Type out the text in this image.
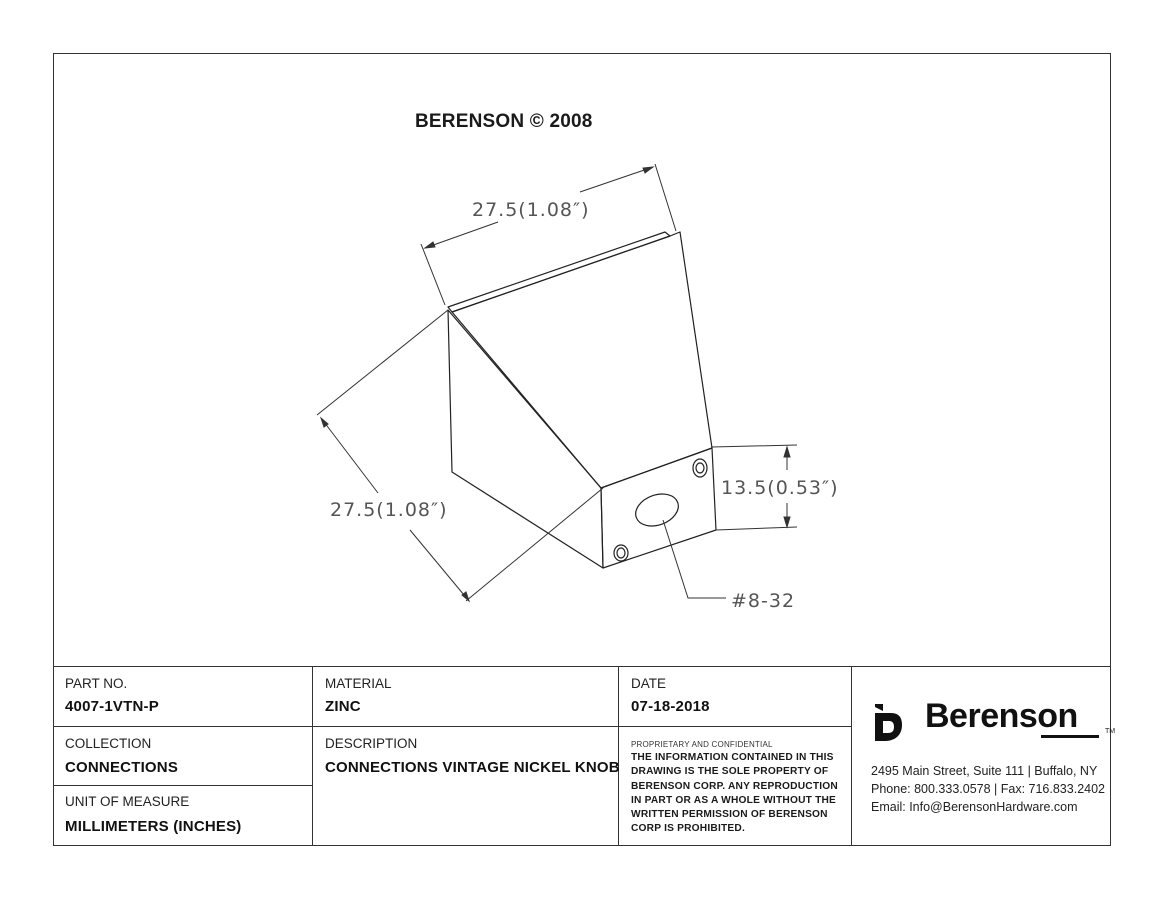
BERENSON © 2008
27.5(1.08″)
27.5(1.08″)
13.5(0.53″)
#8-32
PART NO.
4007-1VTN-P
MATERIAL
ZINC
DATE
07-18-2018
COLLECTION
CONNECTIONS
DESCRIPTION
CONNECTIONS VINTAGE NICKEL KNOB
UNIT OF MEASURE
MILLIMETERS (INCHES)
PROPRIETARY AND CONFIDENTIAL
THE INFORMATION CONTAINED IN THIS
DRAWING IS THE SOLE PROPERTY OF
BERENSON CORP. ANY REPRODUCTION
IN PART OR AS A WHOLE WITHOUT THE
WRITTEN PERMISSION OF BERENSON
CORP IS PROHIBITED.
Berenson	TM
2495 Main Street, Suite 111 | Buffalo, NY
Phone: 800.333.0578 | Fax: 716.833.2402
Email: Info@BerensonHardware.com
